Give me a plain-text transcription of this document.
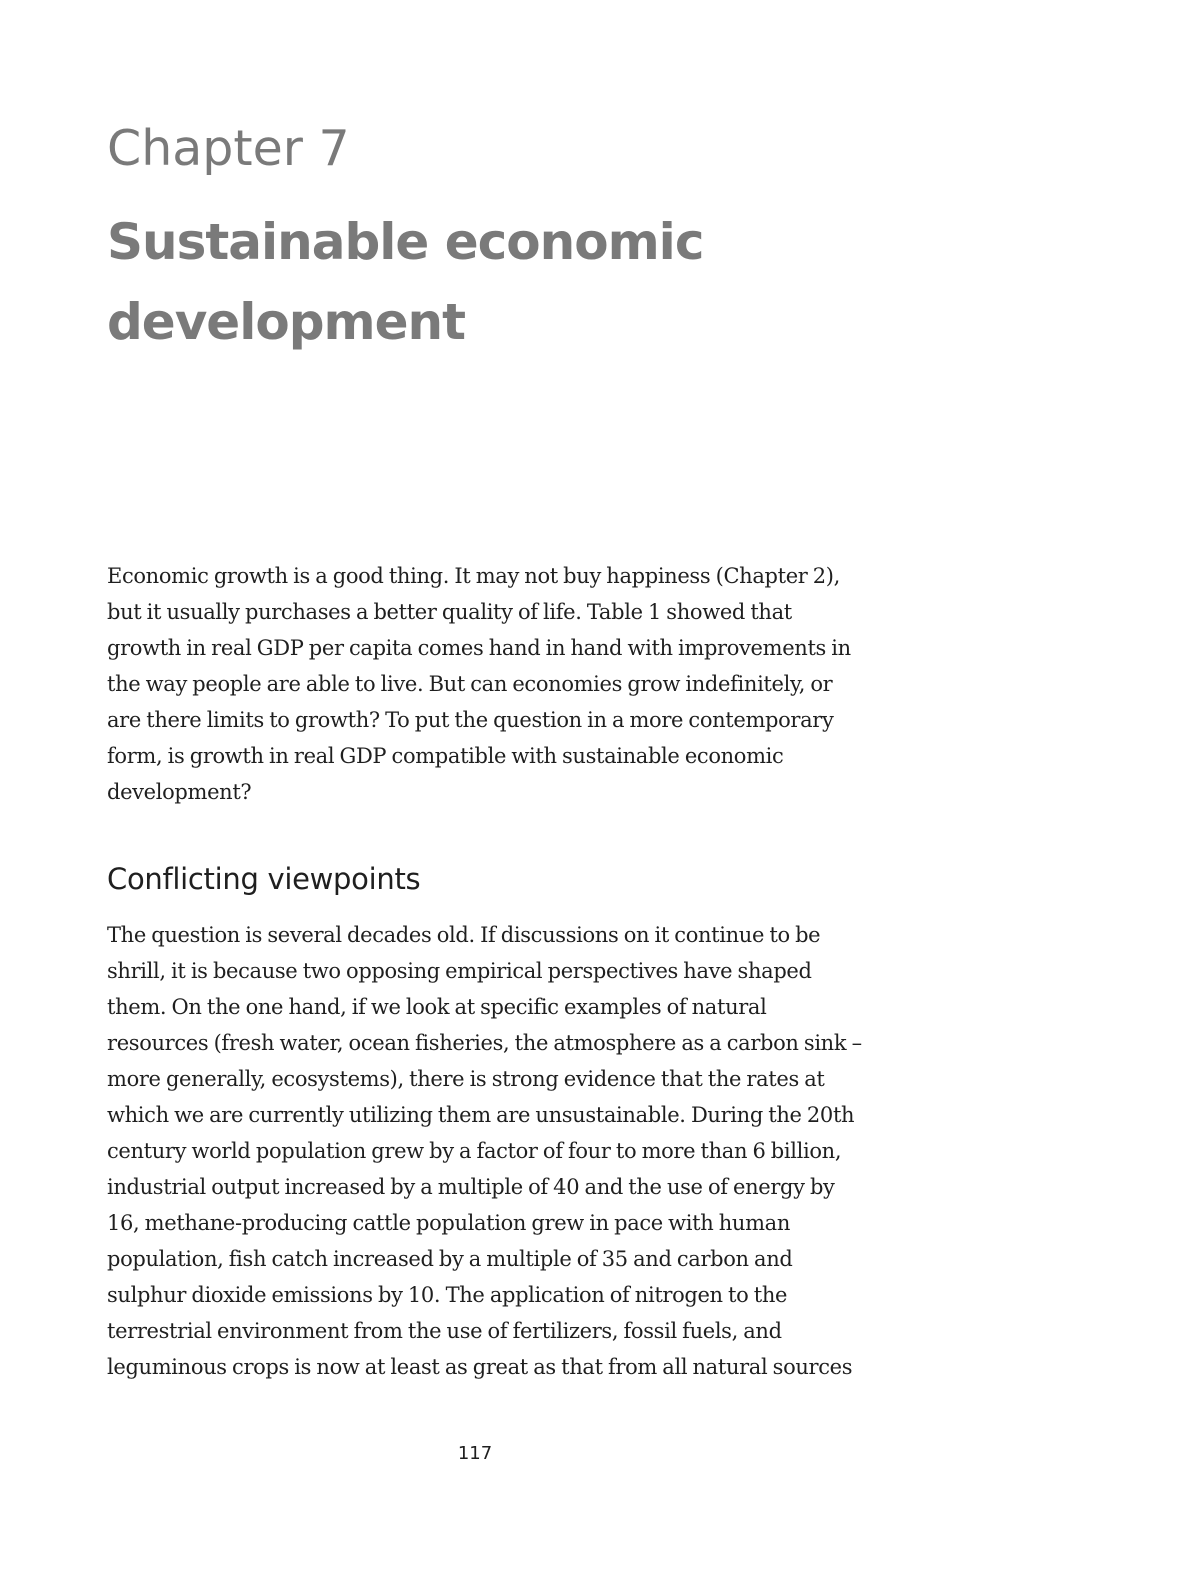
Chapter 7
Sustainable economic development

Economic growth is a good thing. It may not buy happiness (Chapter 2), but it usually purchases a better quality of life. Table 1 showed that growth in real GDP per capita comes hand in hand with improvements in the way people are able to live. But can economies grow indefinitely, or are there limits to growth? To put the question in a more contemporary form, is growth in real GDP compatible with sustainable economic development?

Conflicting viewpoints

The question is several decades old. If discussions on it continue to be shrill, it is because two opposing empirical perspectives have shaped them. On the one hand, if we look at specific examples of natural resources (fresh water, ocean fisheries, the atmosphere as a carbon sink – more generally, ecosystems), there is strong evidence that the rates at which we are currently utilizing them are unsustainable. During the 20th century world population grew by a factor of four to more than 6 billion, industrial output increased by a multiple of 40 and the use of energy by 16, methane-producing cattle population grew in pace with human population, fish catch increased by a multiple of 35 and carbon and sulphur dioxide emissions by 10. The application of nitrogen to the terrestrial environment from the use of fertilizers, fossil fuels, and leguminous crops is now at least as great as that from all natural sources

117
